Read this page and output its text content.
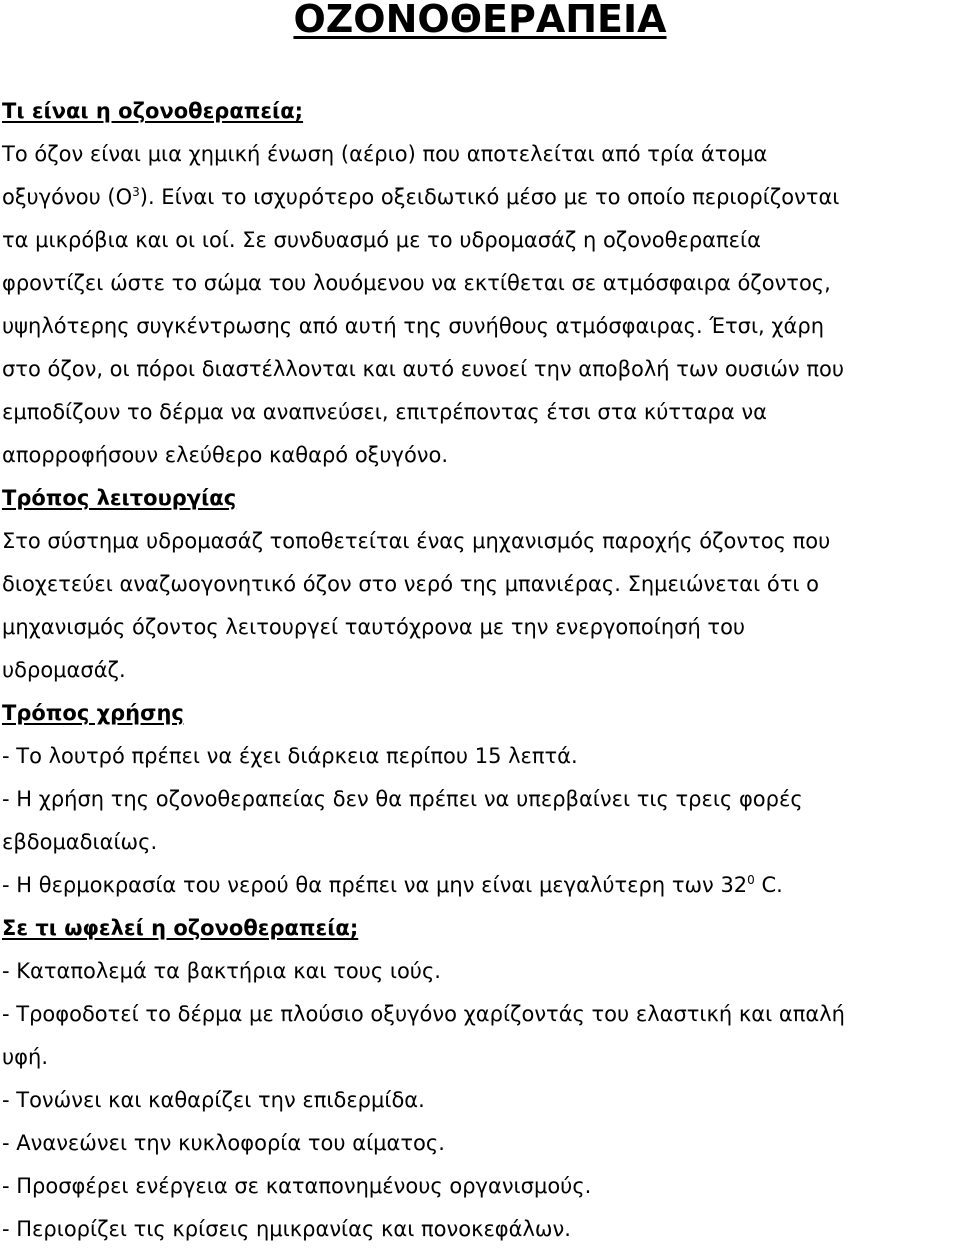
ΟΖΟΝΟΘΕΡΑΠΕΙΑ

Τι είναι η οζονοθεραπεία;

Το όζον είναι μια χημική ένωση (αέριο) που αποτελείται από τρία άτομα

οξυγόνου $(O^3)$. Είναι το ισχυρότερο οξειδωτικό μέσο με το οποίο περιορίζονται

τα μικρόβια και οι ιοί. Σε συνδυασμό με το υδρομασάζ η οζονοθεραπεία

φροντίζει ώστε το σώμα του λουόμενου να εκτίθεται σε ατμόσφαιρα όζοντος,

υψηλότερης συγκέντρωσης από αυτή της συνήθους ατμόσφαιρας. Έτσι, χάρη

στο όζον, οι πόροι διαστέλλονται και αυτό ευνοεί την αποβολή των ουσιών που

εμποδίζουν το δέρμα να αναπνεύσει, επιτρέποντας έτσι στα κύτταρα να

απορροφήσουν ελεύθερο καθαρό οξυγόνο.

Τρόπος λειτουργίας

Στο σύστημα υδρομασάζ τοποθετείται ένας μηχανισμός παροχής όζοντος που

διοχετεύει αναζωογονητικό όζον στο νερό της μπανιέρας. Σημειώνεται ότι ο

μηχανισμός όζοντος λειτουργεί ταυτόχρονα με την ενεργοποίησή του

υδρομασάζ.

Τρόπος χρήσης

- Το λουτρό πρέπει να έχει διάρκεια περίπου 15 λεπτά.

- Η χρήση της οζονοθεραπείας δεν θα πρέπει να υπερβαίνει τις τρεις φορές

εβδομαδιαίως.

- Η θερμοκρασία του νερού θα πρέπει να μην είναι μεγαλύτερη των $32^0$ C.

Σε τι ωφελεί η οζονοθεραπεία;

- Καταπολεμά τα βακτήρια και τους ιούς.

- Τροφοδοτεί το δέρμα με πλούσιο οξυγόνο χαρίζοντάς του ελαστική και απαλή

υφή.

- Τονώνει και καθαρίζει την επιδερμίδα.

- Ανανεώνει την κυκλοφορία του αίματος.

- Προσφέρει ενέργεια σε καταπονημένους οργανισμούς.

- Περιορίζει τις κρίσεις ημικρανίας και πονοκεφάλων.
